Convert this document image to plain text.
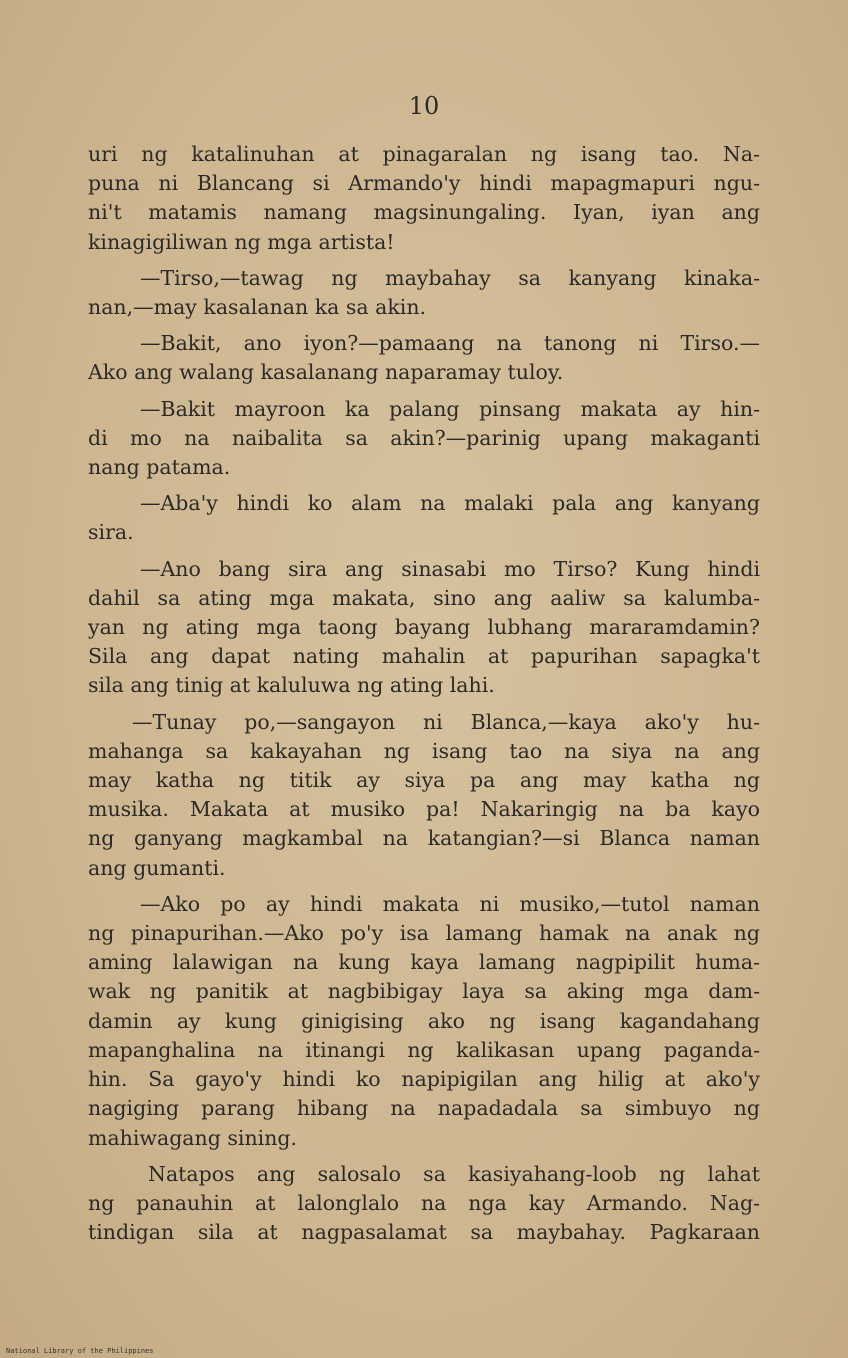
10
uri ng katalinuhan at pinagaralan ng isang tao. Na-
puna ni Blancang si Armando'y hindi mapagmapuri ngu-
ni't matamis namang magsinungaling. Iyan, iyan ang
kinagigiliwan ng mga artista!
—Tirso,—tawag ng maybahay sa kanyang kinaka-
nan,—may kasalanan ka sa akin.
—Bakit, ano iyon?—pamaang na tanong ni Tirso.—
Ako ang walang kasalanang naparamay tuloy.
—Bakit mayroon ka palang pinsang makata ay hin-
di mo na naibalita sa akin?—parinig upang makaganti
nang patama.
—Aba'y hindi ko alam na malaki pala ang kanyang
sira.
—Ano bang sira ang sinasabi mo Tirso? Kung hindi
dahil sa ating mga makata, sino ang aaliw sa kalumba-
yan ng ating mga taong bayang lubhang mararamdamin?
Sila ang dapat nating mahalin at papurihan sapagka't
sila ang tinig at kaluluwa ng ating lahi.
—Tunay po,—sangayon ni Blanca,—kaya ako'y hu-
mahanga sa kakayahan ng isang tao na siya na ang
may katha ng titik ay siya pa ang may katha ng
musika. Makata at musiko pa! Nakaringig na ba kayo
ng ganyang magkambal na katangian?—si Blanca naman
ang gumanti.
—Ako po ay hindi makata ni musiko,—tutol naman
ng pinapurihan.—Ako po'y isa lamang hamak na anak ng
aming lalawigan na kung kaya lamang nagpipilit huma-
wak ng panitik at nagbibigay laya sa aking mga dam-
damin ay kung ginigising ako ng isang kagandahang
mapanghalina na itinangi ng kalikasan upang paganda-
hin. Sa gayo'y hindi ko napipigilan ang hilig at ako'y
nagiging parang hibang na napadadala sa simbuyo ng
mahiwagang sining.
Natapos ang salosalo sa kasiyahang-loob ng lahat
ng panauhin at lalonglalo na nga kay Armando. Nag-
tindigan sila at nagpasalamat sa maybahay. Pagkaraan
National Library of the Philippines
